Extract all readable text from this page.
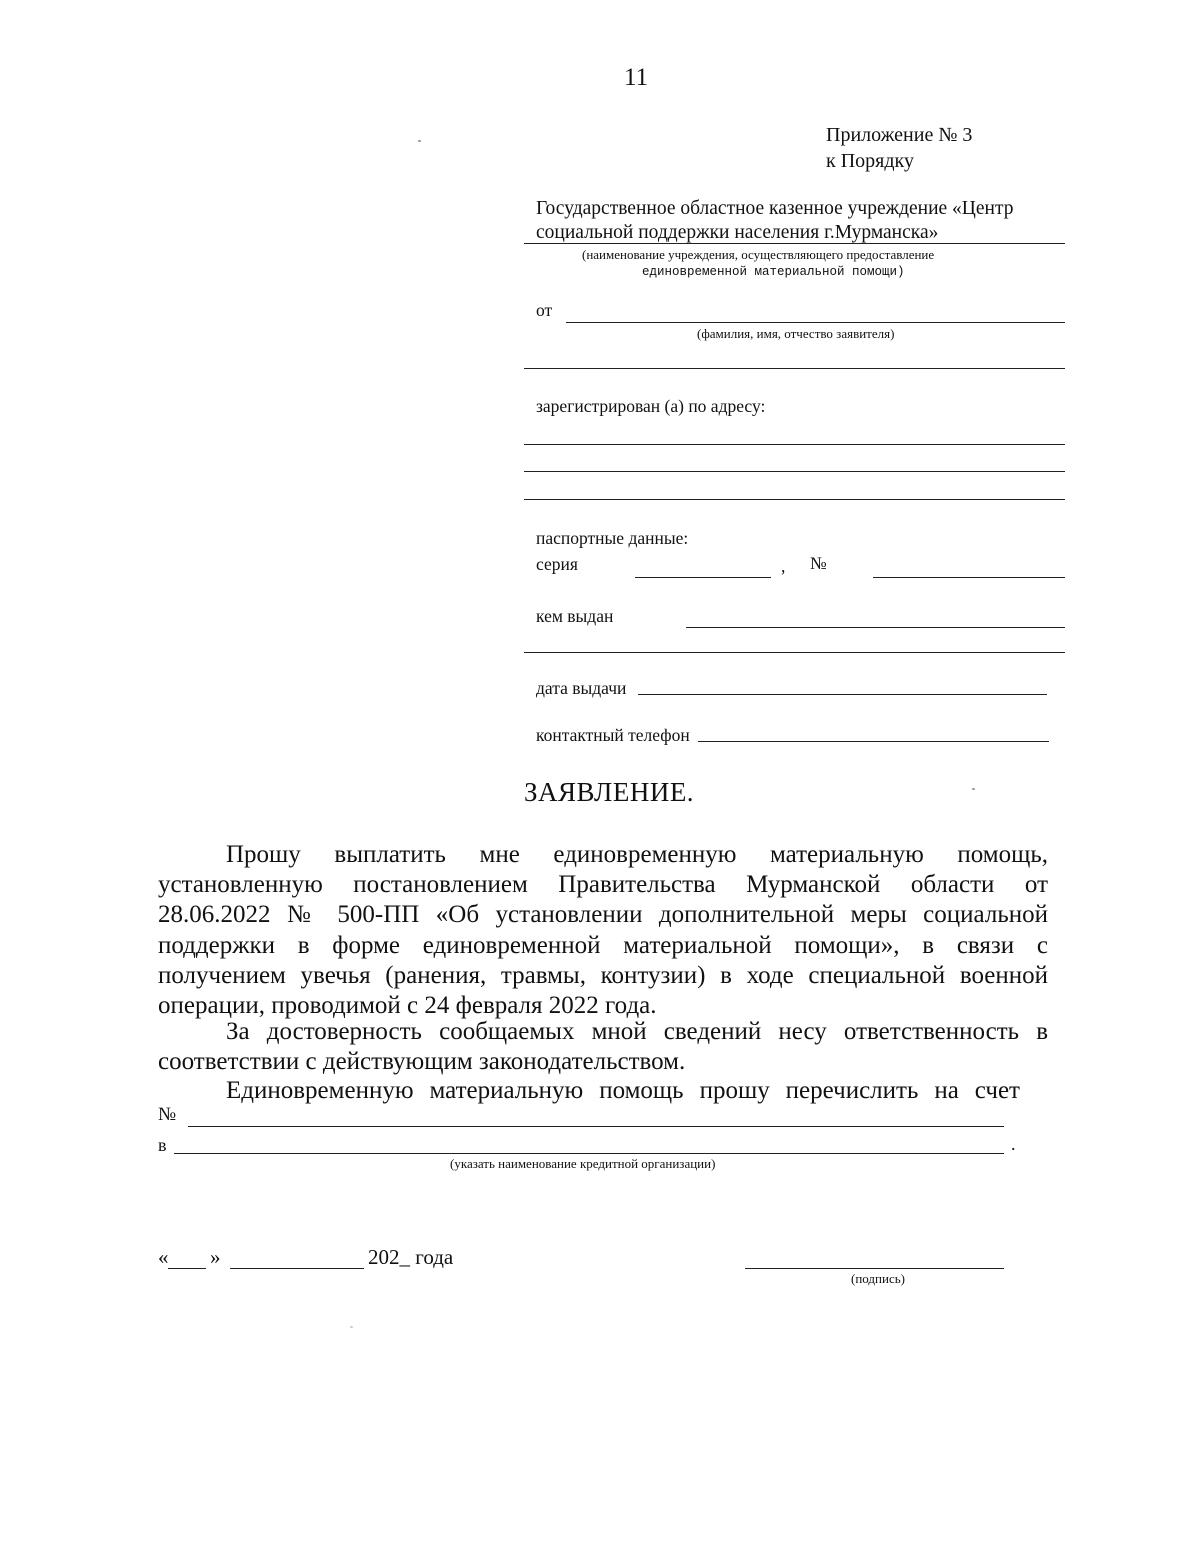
11
Приложение № 3
к Порядку
Государственное областное казенное учреждение «Центр
социальной поддержки населения г.Мурманска»
(наименование учреждения, осуществляющего предоставление
единовременной материальной помощи)
от
(фамилия, имя, отчество заявителя)
зарегистрирован (а) по адресу:
паспортные данные:
серия	, №
кем выдан
дата выдачи
контактный телефон
ЗАЯВЛЕНИЕ.
Прошу выплатить мне единовременную материальную помощь,
установленную постановлением Правительства Мурманской области от
28.06.2022 № 500-ПП «Об установлении дополнительной меры социальной
поддержки в форме единовременной материальной помощи», в связи с
получением увечья (ранения, травмы, контузии) в ходе специальной военной
операции, проводимой с 24 февраля 2022 года.
За достоверность сообщаемых мной сведений несу ответственность в
соответствии с действующим законодательством.
Единовременную материальную помощь прошу перечислить на счет
№
в	.
(указать наименование кредитной организации)
« »	202_ года
(подпись)
